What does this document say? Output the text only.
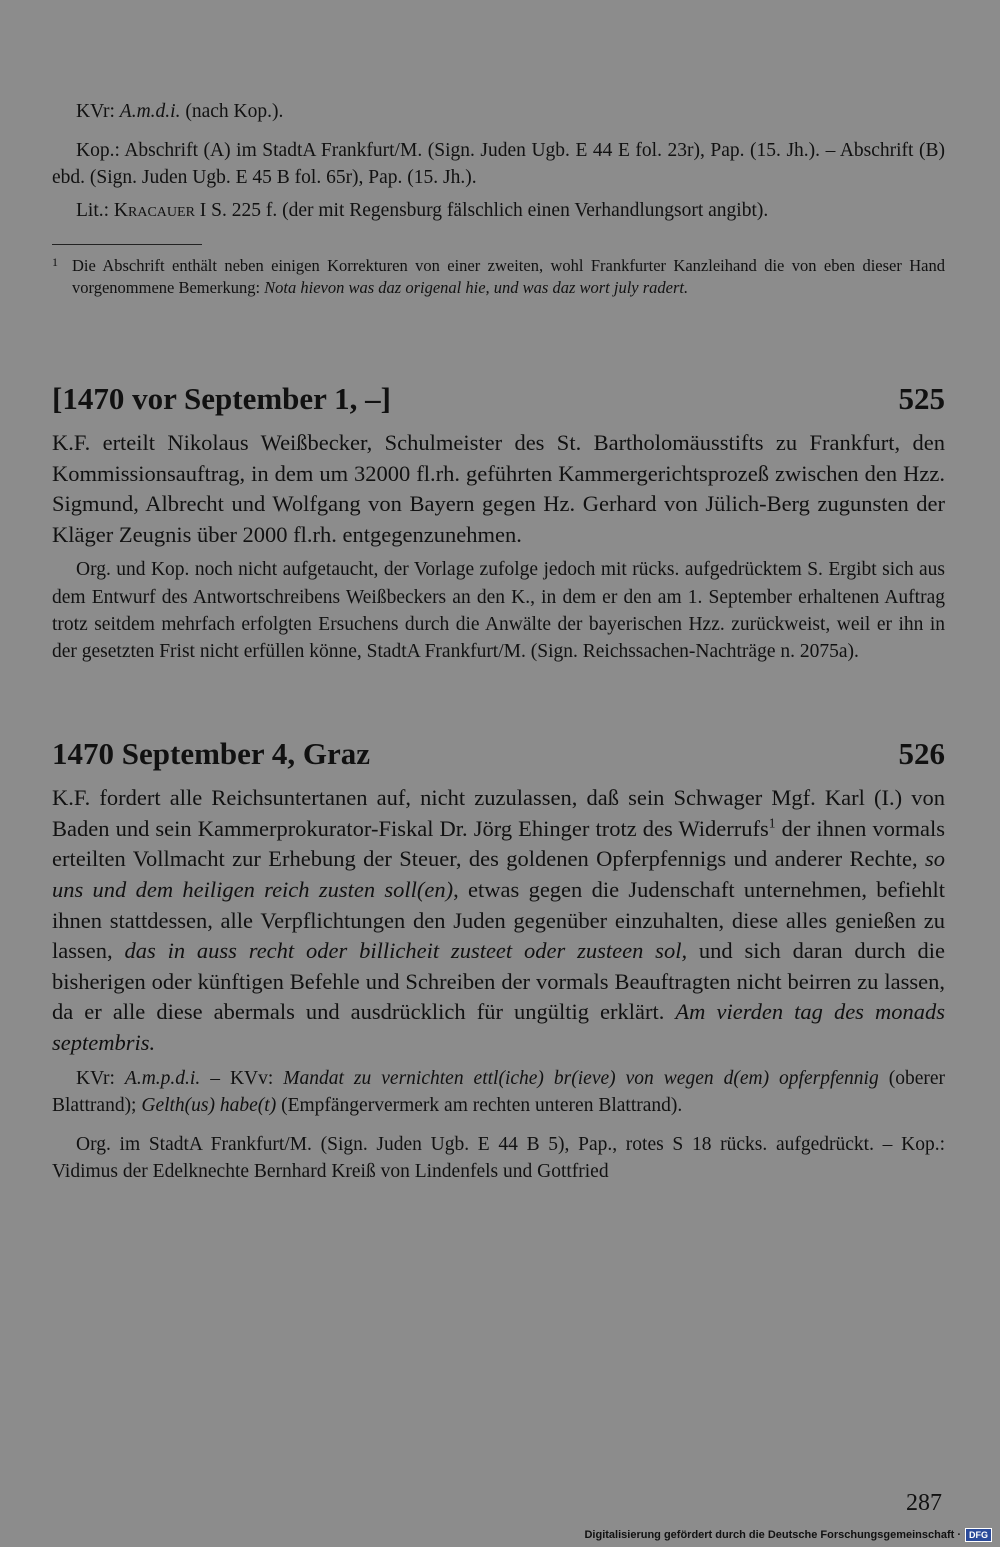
KVr: A.m.d.i. (nach Kop.).

Kop.: Abschrift (A) im StadtA Frankfurt/M. (Sign. Juden Ugb. E 44 E fol. 23r), Pap. (15. Jh.). – Abschrift (B) ebd. (Sign. Juden Ugb. E 45 B fol. 65r), Pap. (15. Jh.).

Lit.: Kracauer I S. 225 f. (der mit Regensburg fälschlich einen Verhandlungsort angibt).

1 Die Abschrift enthält neben einigen Korrekturen von einer zweiten, wohl Frankfurter Kanzleihand die von eben dieser Hand vorgenommene Bemerkung: Nota hievon was daz origenal hie, und was daz wort july radert.

[1470 vor September 1, –]	525

K.F. erteilt Nikolaus Weißbecker, Schulmeister des St. Bartholomäusstifts zu Frankfurt, den Kommissionsauftrag, in dem um 32000 fl.rh. geführten Kammergerichtsprozeß zwischen den Hzz. Sigmund, Albrecht und Wolfgang von Bayern gegen Hz. Gerhard von Jülich-Berg zugunsten der Kläger Zeugnis über 2000 fl.rh. entgegenzunehmen.

Org. und Kop. noch nicht aufgetaucht, der Vorlage zufolge jedoch mit rücks. aufgedrücktem S. Ergibt sich aus dem Entwurf des Antwortschreibens Weißbeckers an den K., in dem er den am 1. September erhaltenen Auftrag trotz seitdem mehrfach erfolgten Ersuchens durch die Anwälte der bayerischen Hzz. zurückweist, weil er ihn in der gesetzten Frist nicht erfüllen könne, StadtA Frankfurt/M. (Sign. Reichssachen-Nachträge n. 2075a).

1470 September 4, Graz	526

K.F. fordert alle Reichsuntertanen auf, nicht zuzulassen, daß sein Schwager Mgf. Karl (I.) von Baden und sein Kammerprokurator-Fiskal Dr. Jörg Ehinger trotz des Widerrufs$^1$ der ihnen vormals erteilten Vollmacht zur Erhebung der Steuer, des goldenen Opferpfennigs und anderer Rechte, so uns und dem heiligen reich zusten soll(en), etwas gegen die Judenschaft unternehmen, befiehlt ihnen stattdessen, alle Verpflichtungen den Juden gegenüber einzuhalten, diese alles genießen zu lassen, das in auss recht oder billicheit zusteet oder zusteen sol, und sich daran durch die bisherigen oder künftigen Befehle und Schreiben der vormals Beauftragten nicht beirren zu lassen, da er alle diese abermals und ausdrücklich für ungültig erklärt. Am vierden tag des monads septembris.

KVr: A.m.p.d.i. – KVv: Mandat zu vernichten ettl(iche) br(ieve) von wegen d(em) opferpfennig (oberer Blattrand); Gelth(us) habe(t) (Empfängervermerk am rechten unteren Blattrand).

Org. im StadtA Frankfurt/M. (Sign. Juden Ugb. E 44 B 5), Pap., rotes S 18 rücks. aufgedrückt. – Kop.: Vidimus der Edelknechte Bernhard Kreiß von Lindenfels und Gottfried

287
Digitalisierung gefördert durch die Deutsche Forschungsgemeinschaft · DFG
